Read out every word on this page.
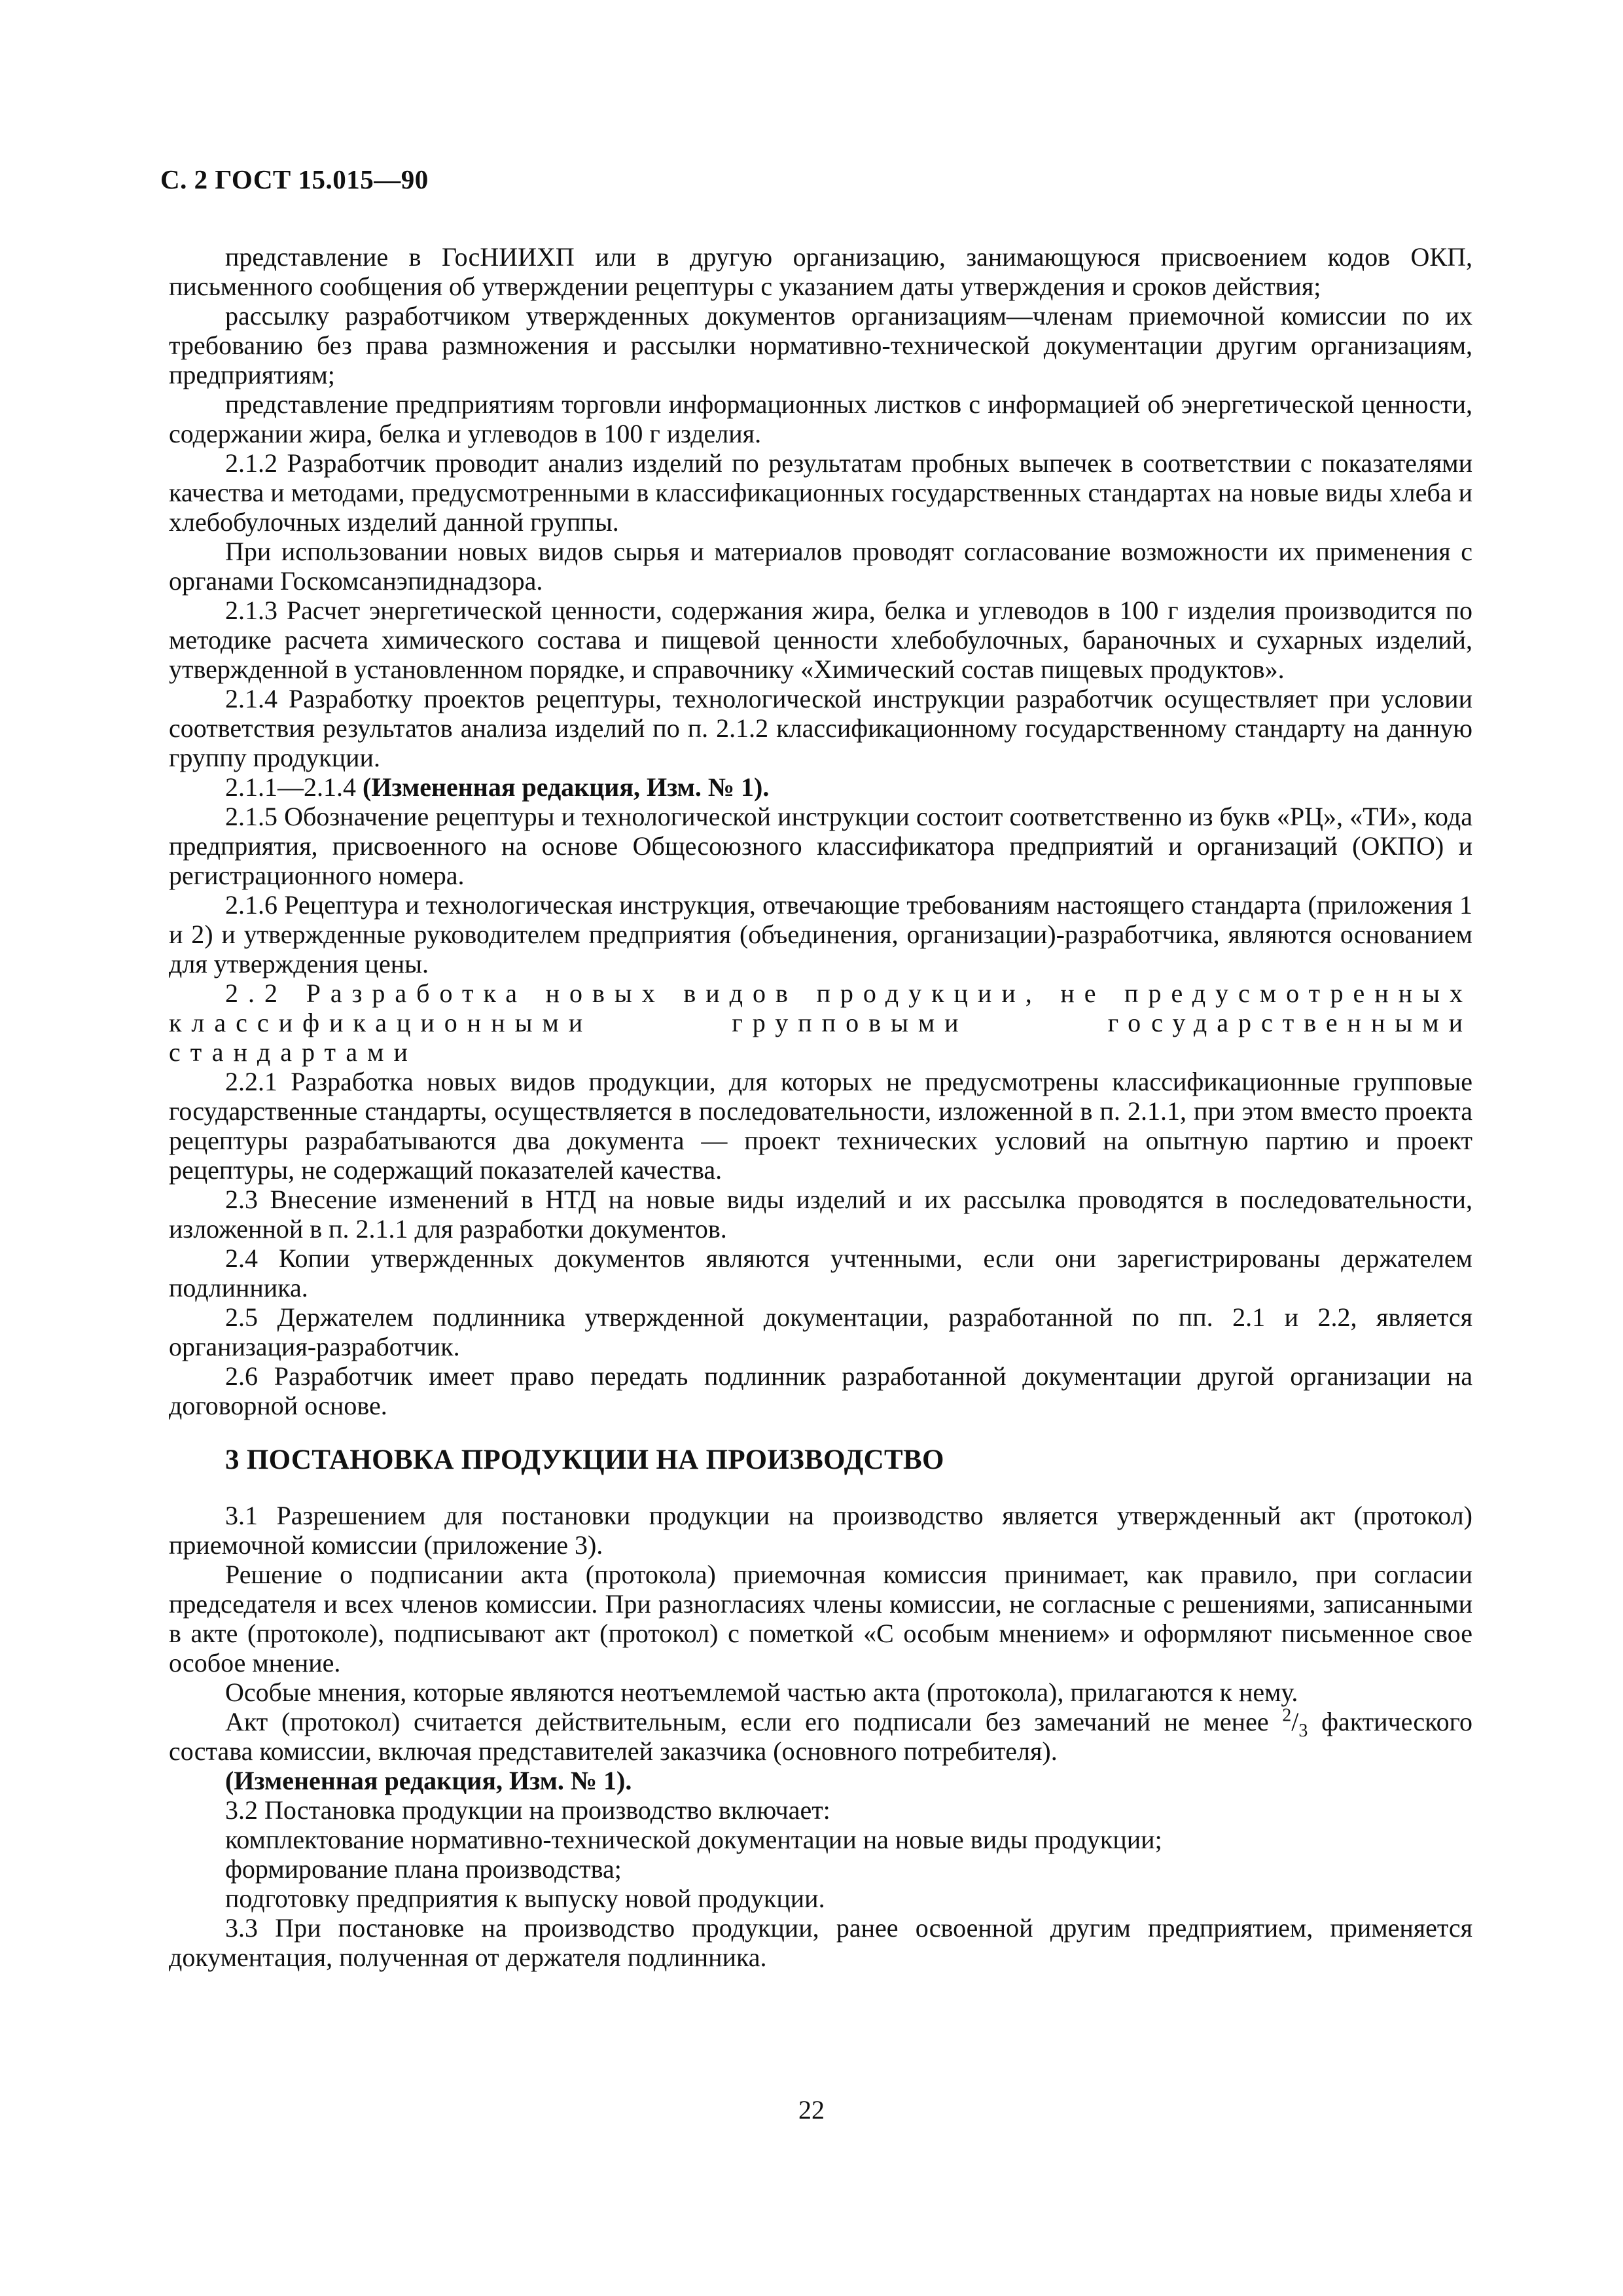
С. 2 ГОСТ 15.015—90

представление в ГосНИИХП или в другую организацию, занимающуюся присвоением кодов ОКП, письменного сообщения об утверждении рецептуры с указанием даты утверждения и сроков действия;

рассылку разработчиком утвержденных документов организациям—членам приемочной комиссии по их требованию без права размножения и рассылки нормативно-технической документации другим организациям, предприятиям;

представление предприятиям торговли информационных листков с информацией об энергетической ценности, содержании жира, белка и углеводов в 100 г изделия.

2.1.2 Разработчик проводит анализ изделий по результатам пробных выпечек в соответствии с показателями качества и методами, предусмотренными в классификационных государственных стандартах на новые виды хлеба и хлебобулочных изделий данной группы.

При использовании новых видов сырья и материалов проводят согласование возможности их применения с органами Госкомсанэпиднадзора.

2.1.3 Расчет энергетической ценности, содержания жира, белка и углеводов в 100 г изделия производится по методике расчета химического состава и пищевой ценности хлебобулочных, бараночных и сухарных изделий, утвержденной в установленном порядке, и справочнику «Химический состав пищевых продуктов».

2.1.4 Разработку проектов рецептуры, технологической инструкции разработчик осуществляет при условии соответствия результатов анализа изделий по п. 2.1.2 классификационному государственному стандарту на данную группу продукции.

2.1.1—2.1.4 (Измененная редакция, Изм. № 1).

2.1.5 Обозначение рецептуры и технологической инструкции состоит соответственно из букв «РЦ», «ТИ», кода предприятия, присвоенного на основе Общесоюзного классификатора предприятий и организаций (ОКПО) и регистрационного номера.

2.1.6 Рецептура и технологическая инструкция, отвечающие требованиям настоящего стандарта (приложения 1 и 2) и утвержденные руководителем предприятия (объединения, организации)-разработчика, являются основанием для утверждения цены.

2.2 Разработка новых видов продукции, не предусмотренных классификационными групповыми государственными стандартами

2.2.1 Разработка новых видов продукции, для которых не предусмотрены классификационные групповые государственные стандарты, осуществляется в последовательности, изложенной в п. 2.1.1, при этом вместо проекта рецептуры разрабатываются два документа — проект технических условий на опытную партию и проект рецептуры, не содержащий показателей качества.

2.3 Внесение изменений в НТД на новые виды изделий и их рассылка проводятся в последовательности, изложенной в п. 2.1.1 для разработки документов.

2.4 Копии утвержденных документов являются учтенными, если они зарегистрированы держателем подлинника.

2.5 Держателем подлинника утвержденной документации, разработанной по пп. 2.1 и 2.2, является организация-разработчик.

2.6 Разработчик имеет право передать подлинник разработанной документации другой организации на договорной основе.

3 ПОСТАНОВКА ПРОДУКЦИИ НА ПРОИЗВОДСТВО

3.1 Разрешением для постановки продукции на производство является утвержденный акт (протокол) приемочной комиссии (приложение 3).

Решение о подписании акта (протокола) приемочная комиссия принимает, как правило, при согласии председателя и всех членов комиссии. При разногласиях члены комиссии, не согласные с решениями, записанными в акте (протоколе), подписывают акт (протокол) с пометкой «С особым мнением» и оформляют письменное свое особое мнение.

Особые мнения, которые являются неотъемлемой частью акта (протокола), прилагаются к нему.

Акт (протокол) считается действительным, если его подписали без замечаний не менее $^2/_3$ фактического состава комиссии, включая представителей заказчика (основного потребителя).

(Измененная редакция, Изм. № 1).

3.2 Постановка продукции на производство включает:

комплектование нормативно-технической документации на новые виды продукции;

формирование плана производства;

подготовку предприятия к выпуску новой продукции.

3.3 При постановке на производство продукции, ранее освоенной другим предприятием, применяется документация, полученная от держателя подлинника.

22
